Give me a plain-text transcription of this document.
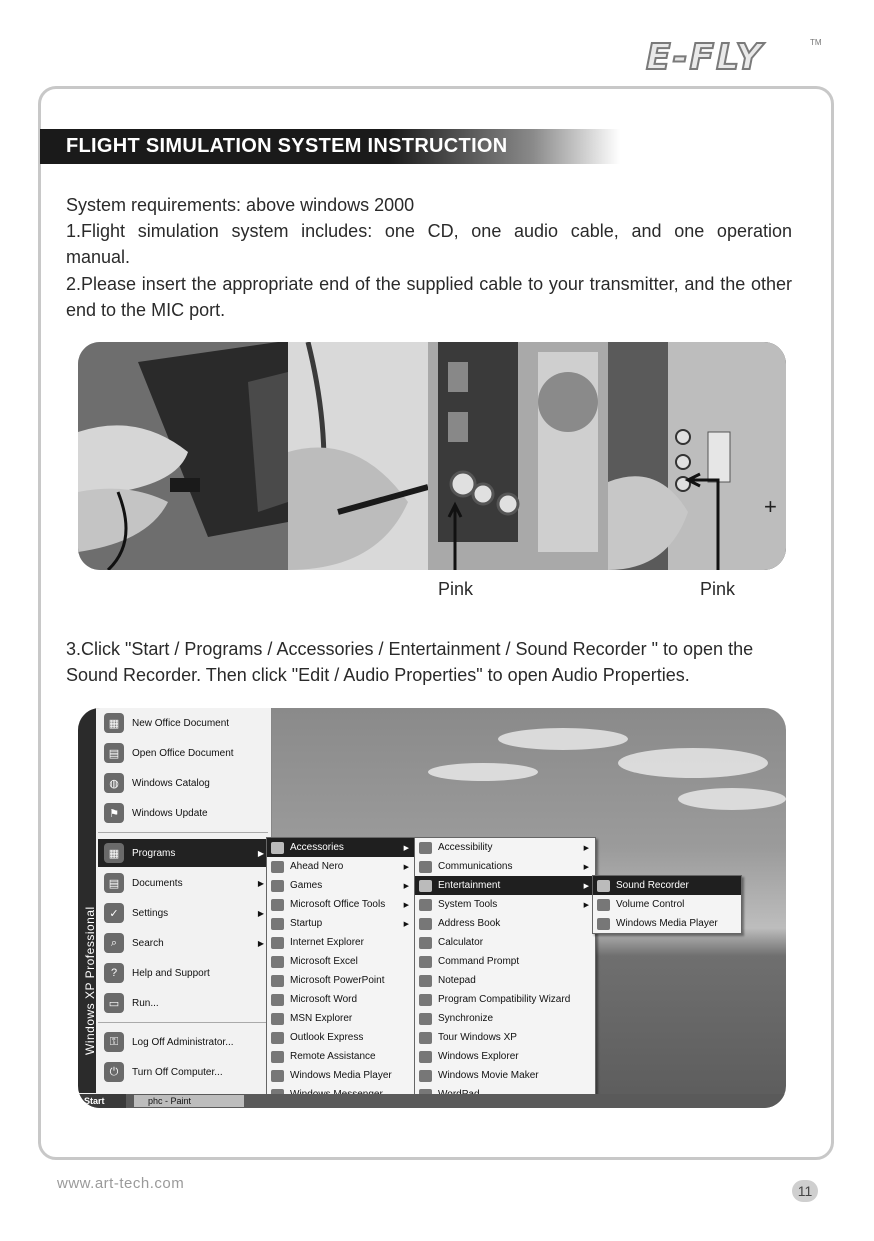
E-FLY	TM
FLIGHT SIMULATION SYSTEM INSTRUCTION

System requirements: above windows 2000

1.Flight simulation system includes: one CD, one audio cable, and one operation manual.

2.Please insert the appropriate end of the supplied cable to your transmitter, and the other end to the MIC port.

+
Pink	Pink

3.Click "Start / Programs / Accessories / Entertainment / Sound Recorder " to open the Sound Recorder. Then click "Edit / Audio Properties" to open Audio Properties.

Windows XP Professional
▦	New Office Document
▤	Open Office Document
◍	Windows Catalog
⚑	Windows Update
▦	Programs	▶
▤	Documents	▶
✓	Settings	▶
⌕	Search	▶
?	Help and Support
▭	Run...
⚿	Log Off Administrator...
⏻	Turn Off Computer...
Accessories	▶
Ahead Nero	▶
Games	▶
Microsoft Office Tools	▶
Startup	▶
Internet Explorer
Microsoft Excel
Microsoft PowerPoint
Microsoft Word
MSN Explorer
Outlook Express
Remote Assistance
Windows Media Player
Accessibility	▶
Communications	▶
Entertainment	▶
System Tools	▶
Address Book
Calculator
Command Prompt
Notepad
Program Compatibility Wizard
Synchronize
Tour Windows XP
Windows Explorer
Windows Movie Maker
Sound Recorder
Volume Control
Windows Media Player
Start	phc - Paint
www.art-tech.com	11
